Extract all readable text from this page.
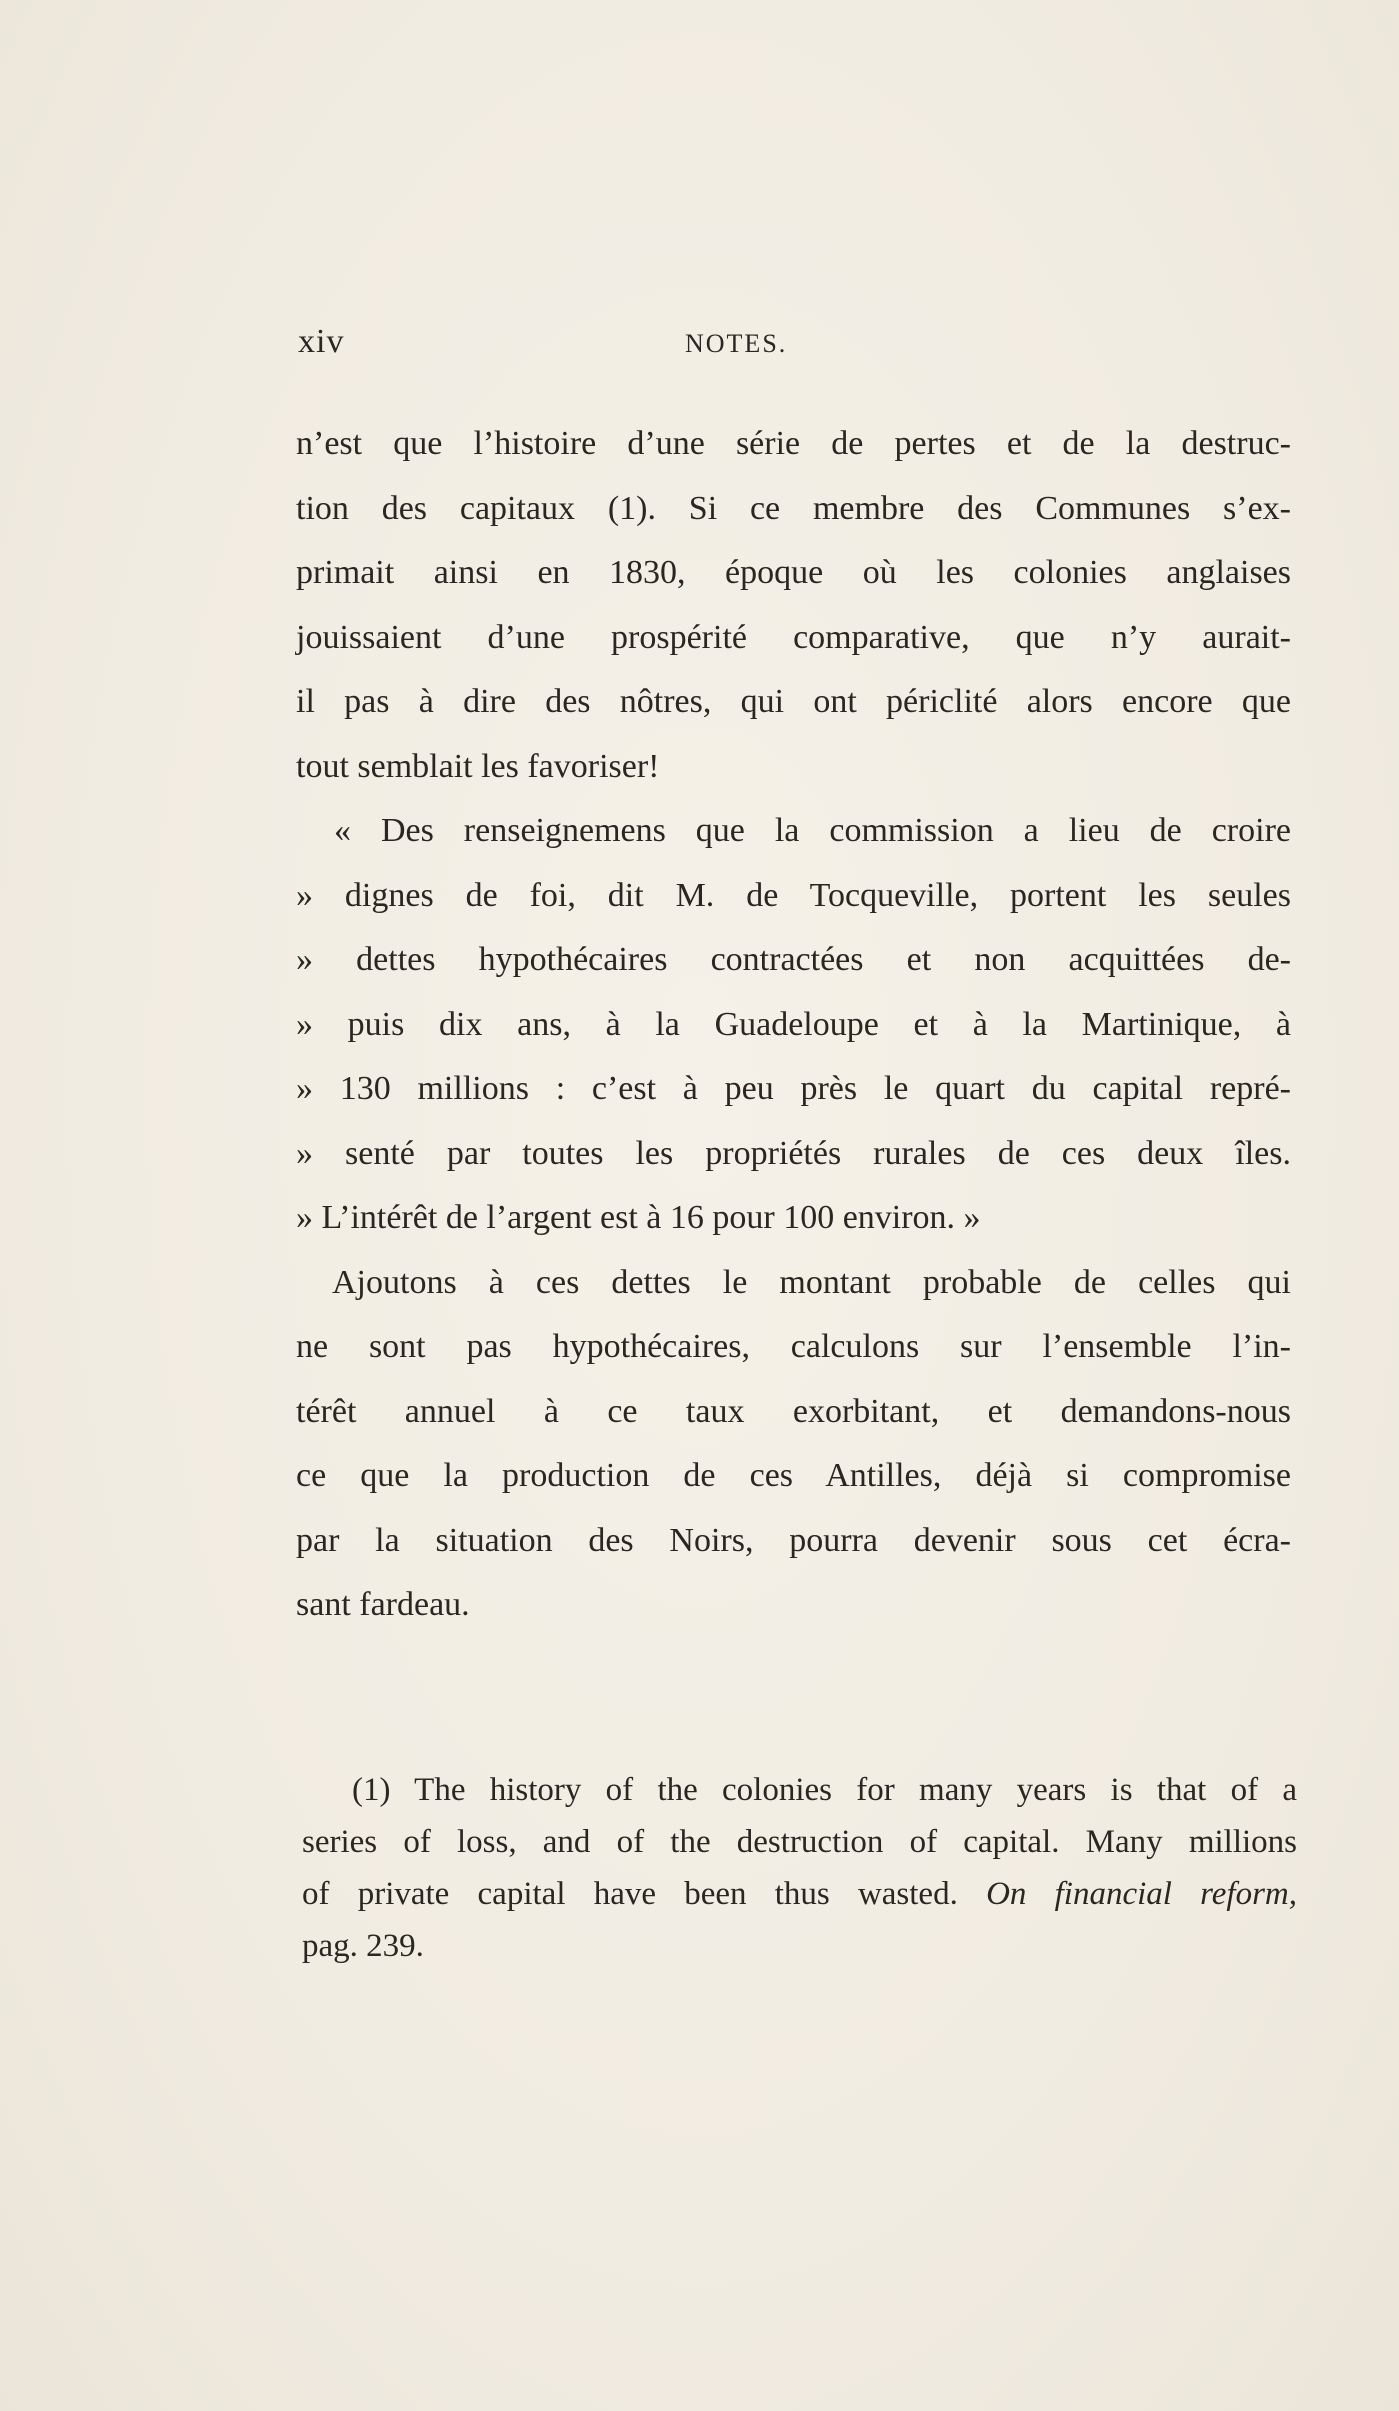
xiv	NOTES.
n’est que l’histoire d’une série de pertes et de la destruc-
tion des capitaux (1). Si ce membre des Communes s’ex-
primait ainsi en 1830, époque où les colonies anglaises
jouissaient d’une prospérité comparative, que n’y aurait-
il pas à dire des nôtres, qui ont périclité alors encore que
tout semblait les favoriser!
« Des renseignemens que la commission a lieu de croire
» dignes de foi, dit M. de Tocqueville, portent les seules
» dettes hypothécaires contractées et non acquittées de-
» puis dix ans, à la Guadeloupe et à la Martinique, à
» 130 millions : c’est à peu près le quart du capital repré-
» senté par toutes les propriétés rurales de ces deux îles.
» L’intérêt de l’argent est à 16 pour 100 environ. »
Ajoutons à ces dettes le montant probable de celles qui
ne sont pas hypothécaires, calculons sur l’ensemble l’in-
térêt annuel à ce taux exorbitant, et demandons-nous
ce que la production de ces Antilles, déjà si compromise
par la situation des Noirs, pourra devenir sous cet écra-
sant fardeau.
(1) The history of the colonies for many years is that of a
series of loss, and of the destruction of capital. Many millions
of private capital have been thus wasted. On financial reform,
pag. 239.
